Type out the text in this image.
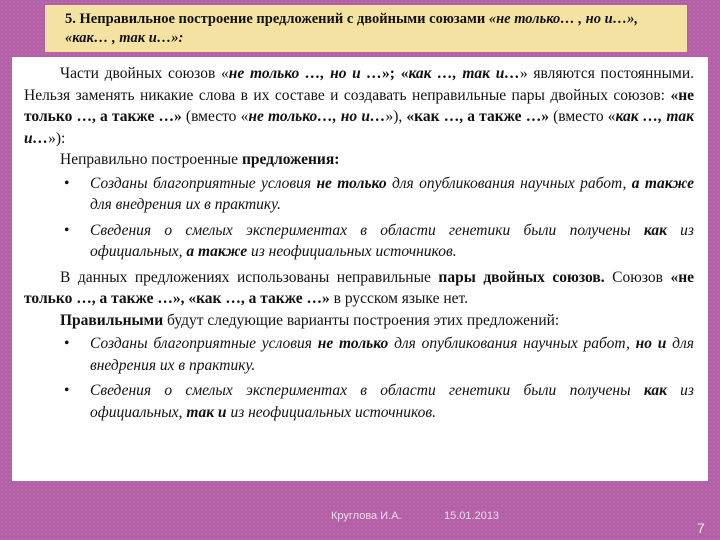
5. Неправильное построение предложений с двойными союзами «не только… , но и…»,
«как… , так и…»:

Части двойных союзов «не только …, но и …»; «как …, так и…» являются постоянными. Нельзя заменять никакие слова в их составе и создавать неправильные пары двойных союзов: «не только …, а также …» (вместо «не только…, но и…»), «как …, а также …» (вместо «как …, так и…»):

Неправильно построенные предложения:

• Созданы благоприятные условия не только для опубликования научных работ, а также для внедрения их в практику.
• Сведения о смелых экспериментах в области генетики были получены как из официальных, а также из неофициальных источников.

В данных предложениях использованы неправильные пары двойных союзов. Союзов «не только …, а также …», «как …, а также …» в русском языке нет.

Правильными будут следующие варианты построения этих предложений:

• Созданы благоприятные условия не только для опубликования научных работ, но и для внедрения их в практику.
• Сведения о смелых экспериментах в области генетики были получены как из официальных, так и из неофициальных источников.
Круглова И.А.	15.01.2013
7
